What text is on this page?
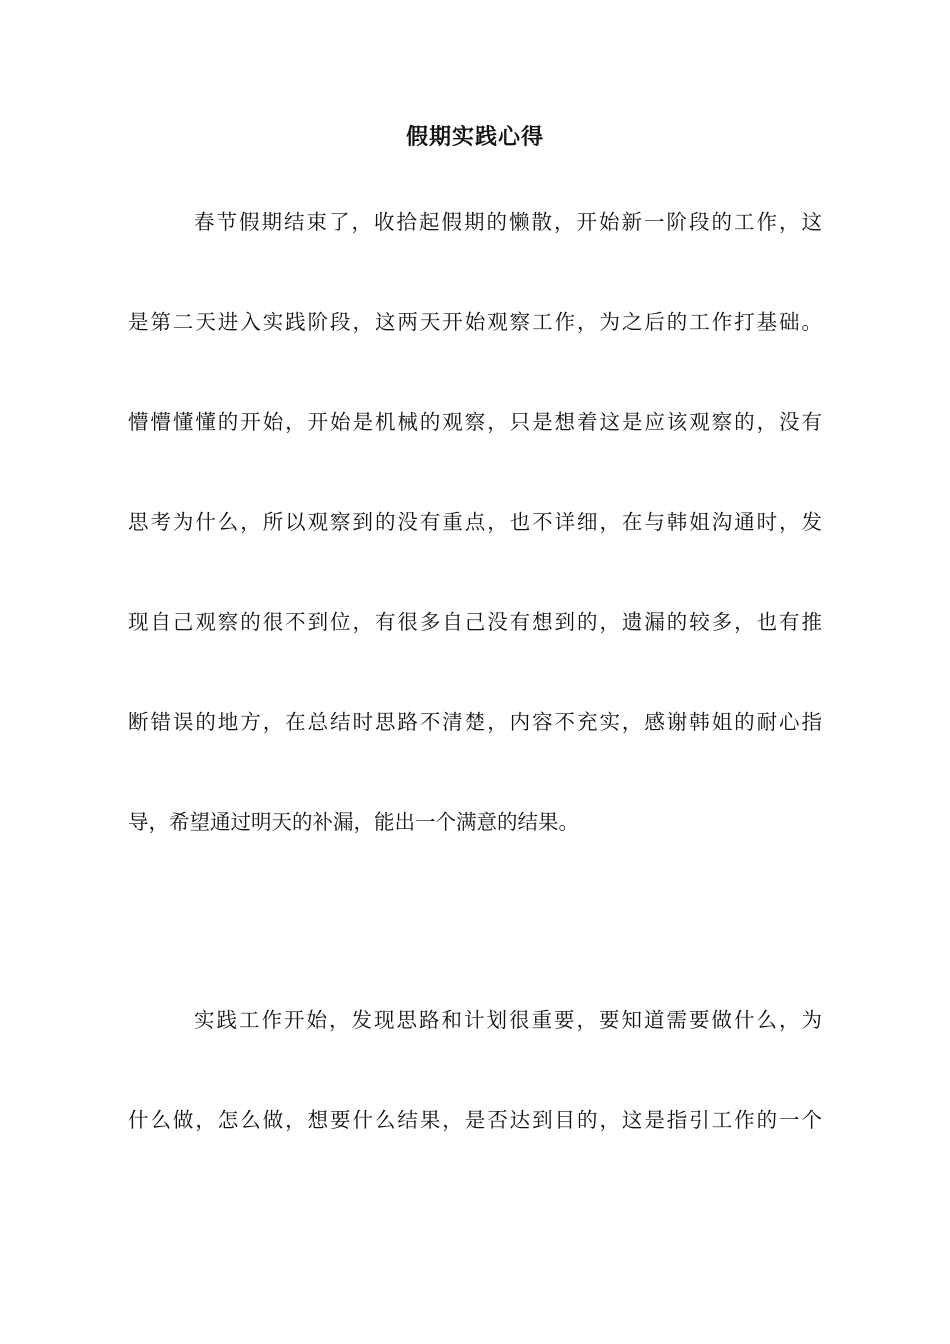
假期实践心得
春节假期结束了，收拾起假期的懒散，开始新一阶段的工作，这
是第二天进入实践阶段，这两天开始观察工作，为之后的工作打基础。
懵懵懂懂的开始，开始是机械的观察，只是想着这是应该观察的，没有
思考为什么，所以观察到的没有重点，也不详细，在与韩姐沟通时，发
现自己观察的很不到位，有很多自己没有想到的，遗漏的较多，也有推
断错误的地方，在总结时思路不清楚，内容不充实，感谢韩姐的耐心指
导，希望通过明天的补漏，能出一个满意的结果。
实践工作开始，发现思路和计划很重要，要知道需要做什么，为
什么做，怎么做，想要什么结果，是否达到目的，这是指引工作的一个
